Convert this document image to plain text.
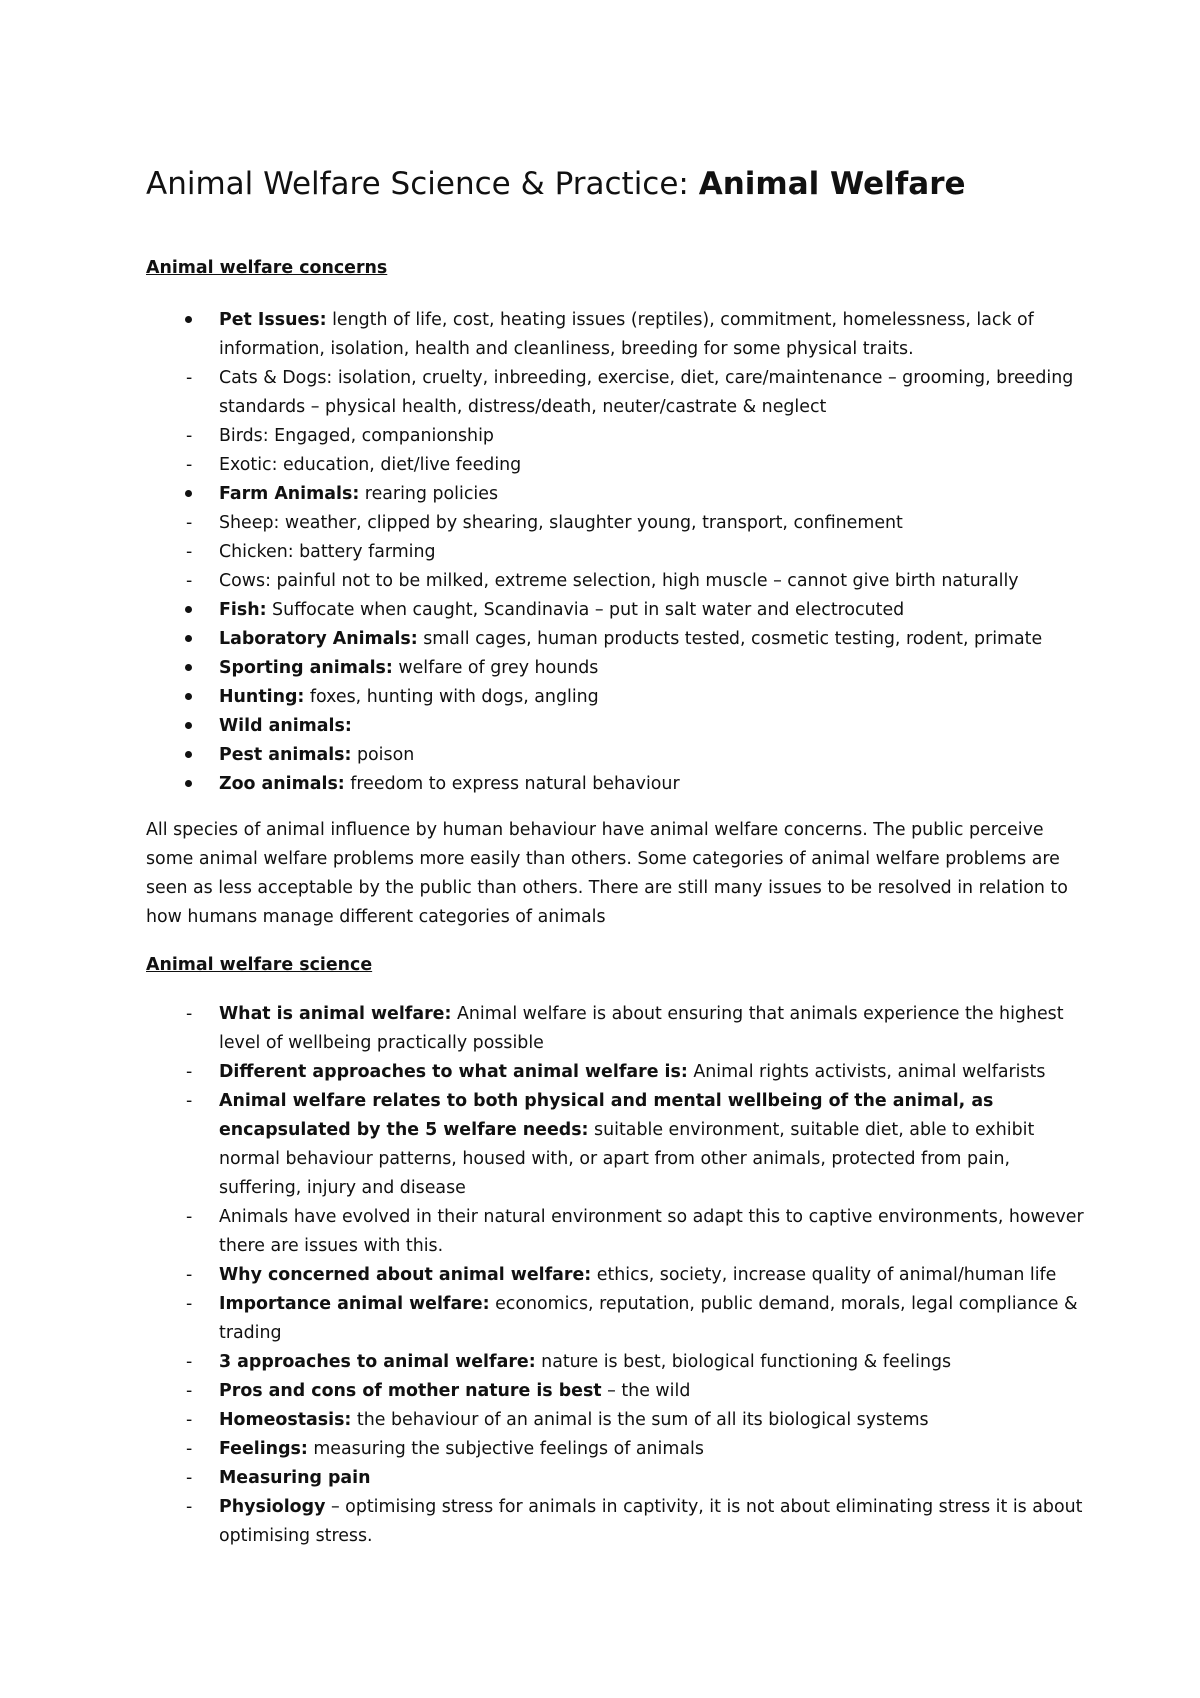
Animal Welfare Science & Practice: Animal Welfare
Animal welfare concerns
Pet Issues: length of life, cost, heating issues (reptiles), commitment, homelessness, lack of information, isolation, health and cleanliness, breeding for some physical traits.
- Cats & Dogs: isolation, cruelty, inbreeding, exercise, diet, care/maintenance – grooming, breeding standards – physical health, distress/death, neuter/castrate & neglect
- Birds: Engaged, companionship
- Exotic: education, diet/live feeding
Farm Animals: rearing policies
- Sheep: weather, clipped by shearing, slaughter young, transport, confinement
- Chicken: battery farming
- Cows: painful not to be milked, extreme selection, high muscle – cannot give birth naturally
Fish: Suffocate when caught, Scandinavia – put in salt water and electrocuted
Laboratory Animals: small cages, human products tested, cosmetic testing, rodent, primate
Sporting animals: welfare of grey hounds
Hunting: foxes, hunting with dogs, angling
Wild animals:
Pest animals: poison
Zoo animals: freedom to express natural behaviour

All species of animal influence by human behaviour have animal welfare concerns. The public perceive some animal welfare problems more easily than others. Some categories of animal welfare problems are seen as less acceptable by the public than others. There are still many issues to be resolved in relation to how humans manage different categories of animals

Animal welfare science
- What is animal welfare: Animal welfare is about ensuring that animals experience the highest level of wellbeing practically possible
- Different approaches to what animal welfare is: Animal rights activists, animal welfarists
- Animal welfare relates to both physical and mental wellbeing of the animal, as encapsulated by the 5 welfare needs: suitable environment, suitable diet, able to exhibit normal behaviour patterns, housed with, or apart from other animals, protected from pain, suffering, injury and disease
- Animals have evolved in their natural environment so adapt this to captive environments, however there are issues with this.
- Why concerned about animal welfare: ethics, society, increase quality of animal/human life
- Importance animal welfare: economics, reputation, public demand, morals, legal compliance & trading
- 3 approaches to animal welfare: nature is best, biological functioning & feelings
- Pros and cons of mother nature is best – the wild
- Homeostasis: the behaviour of an animal is the sum of all its biological systems
- Feelings: measuring the subjective feelings of animals
- Measuring pain
- Physiology – optimising stress for animals in captivity, it is not about eliminating stress it is about optimising stress.
